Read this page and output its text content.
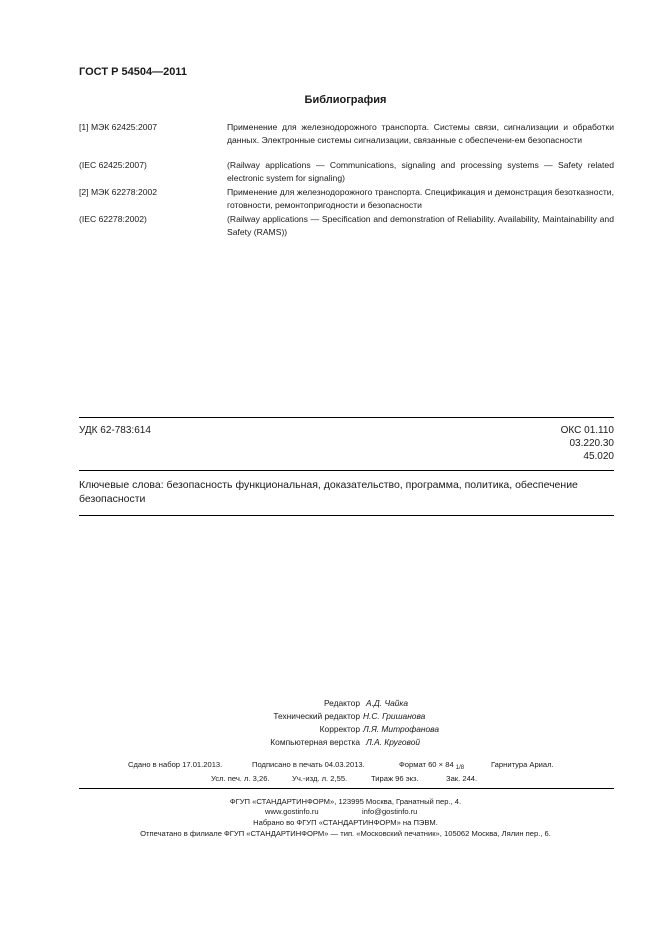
ГОСТ Р 54504—2011
Библиография
[1] МЭК 62425:2007	Применение для железнодорожного транспорта. Системы связи, сигнализации и обработки данных. Электронные системы сигнализации, связанные с обеспечени-ем безопасности
(IEC 62425:2007)	(Railway applications — Communications, signaling and processing systems — Safety related electronic system for signaling)
[2] МЭК 62278:2002	Применение для железнодорожного транспорта. Спецификация и демонстрация безотказности, готовности, ремонтопригодности и безопасности
(IEC 62278:2002)	(Railway applications — Specification and demonstration of Reliability. Availability, Maintainability and Safety (RAMS))
УДК 62-783:614	ОКС 01.110
03.220.30
45.020
Ключевые слова: безопасность функциональная, доказательство, программа, политика, обеспечение безопасности
Редактор А.Д. Чайка
Технический редактор Н.С. Гришанова
Корректор Л.Я. Митрофанова
Компьютерная верстка Л.А. Круговой
Сдано в набор 17.01.2013.	Подписано в печать 04.03.2013.	Формат 60 × 84 $_{1/8}$	Гарнитура Ариал.
Усл. печ. л. 3,26.	Уч.-изд. л. 2,55.	Тираж 96 экз.	Зак. 244.
ФГУП «СТАНДАРТИНФОРМ», 123995 Москва, Гранатный пер., 4.
www.gostinfo.ru	info@gostinfo.ru
Набрано во ФГУП «СТАНДАРТИНФОРМ» на ПЭВМ.
Отпечатано в филиале ФГУП «СТАНДАРТИНФОРМ» — тип. «Московский печатник», 105062 Москва, Лялин пер., 6.
